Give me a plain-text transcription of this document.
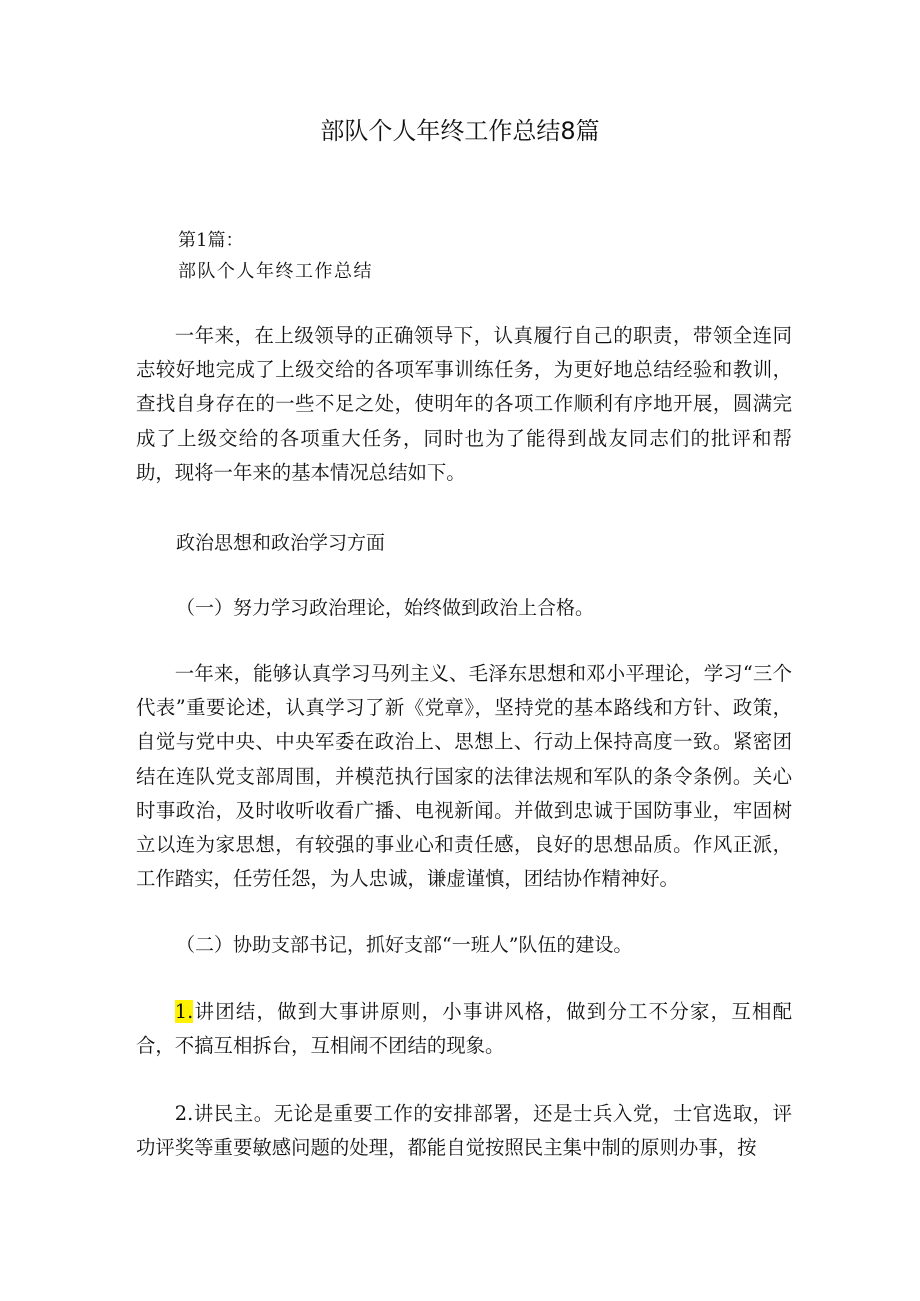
部队个人年终工作总结8篇
第1篇：
部队个人年终工作总结

一年来，在上级领导的正确领导下，认真履行自己的职责，带领全连同志较好地完成了上级交给的各项军事训练任务，为更好地总结经验和教训，查找自身存在的一些不足之处，使明年的各项工作顺利有序地开展，圆满完成了上级交给的各项重大任务，同时也为了能得到战友同志们的批评和帮助，现将一年来的基本情况总结如下。

政治思想和政治学习方面
（一）努力学习政治理论，始终做到政治上合格。

一年来，能够认真学习马列主义、毛泽东思想和邓小平理论，学习“三个代表”重要论述，认真学习了新《党章》，坚持党的基本路线和方针、政策，自觉与党中央、中央军委在政治上、思想上、行动上保持高度一致。紧密团结在连队党支部周围，并模范执行国家的法律法规和军队的条令条例。关心时事政治，及时收听收看广播、电视新闻。并做到忠诚于国防事业，牢固树立以连为家思想，有较强的事业心和责任感，良好的思想品质。作风正派，工作踏实，任劳任怨，为人忠诚，谦虚谨慎，团结协作精神好。

（二）协助支部书记，抓好支部“一班人”队伍的建设。

1.讲团结，做到大事讲原则，小事讲风格，做到分工不分家，互相配合，不搞互相拆台，互相闹不团结的现象。

2.讲民主。无论是重要工作的安排部署，还是士兵入党，士官选取，评功评奖等重要敏感问题的处理，都能自觉按照民主集中制的原则办事，按
